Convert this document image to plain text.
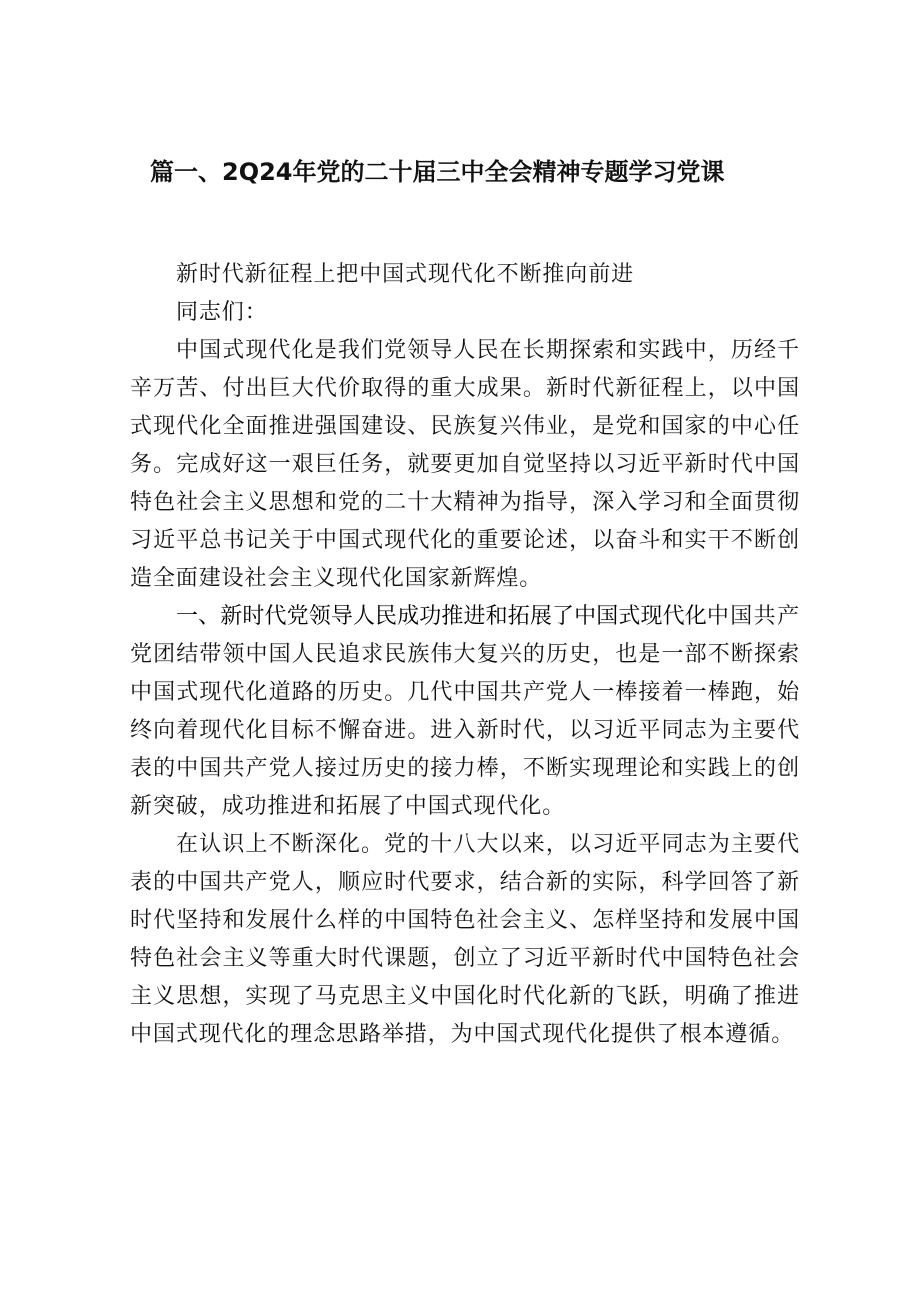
篇一、2Q24年党的二十届三中全会精神专题学习党课

新时代新征程上把中国式现代化不断推向前进

同志们：

中国式现代化是我们党领导人民在长期探索和实践中，历经千辛万苦、付出巨大代价取得的重大成果。新时代新征程上，以中国式现代化全面推进强国建设、民族复兴伟业，是党和国家的中心任务。完成好这一艰巨任务，就要更加自觉坚持以习近平新时代中国特色社会主义思想和党的二十大精神为指导，深入学习和全面贯彻习近平总书记关于中国式现代化的重要论述，以奋斗和实干不断创造全面建设社会主义现代化国家新辉煌。

一、新时代党领导人民成功推进和拓展了中国式现代化中国共产党团结带领中国人民追求民族伟大复兴的历史，也是一部不断探索中国式现代化道路的历史。几代中国共产党人一棒接着一棒跑，始终向着现代化目标不懈奋进。进入新时代，以习近平同志为主要代表的中国共产党人接过历史的接力棒，不断实现理论和实践上的创新突破，成功推进和拓展了中国式现代化。

在认识上不断深化。党的十八大以来，以习近平同志为主要代表的中国共产党人，顺应时代要求，结合新的实际，科学回答了新时代坚持和发展什么样的中国特色社会主义、怎样坚持和发展中国特色社会主义等重大时代课题，创立了习近平新时代中国特色社会主义思想，实现了马克思主义中国化时代化新的飞跃，明确了推进中国式现代化的理念思路举措，为中国式现代化提供了根本遵循。
